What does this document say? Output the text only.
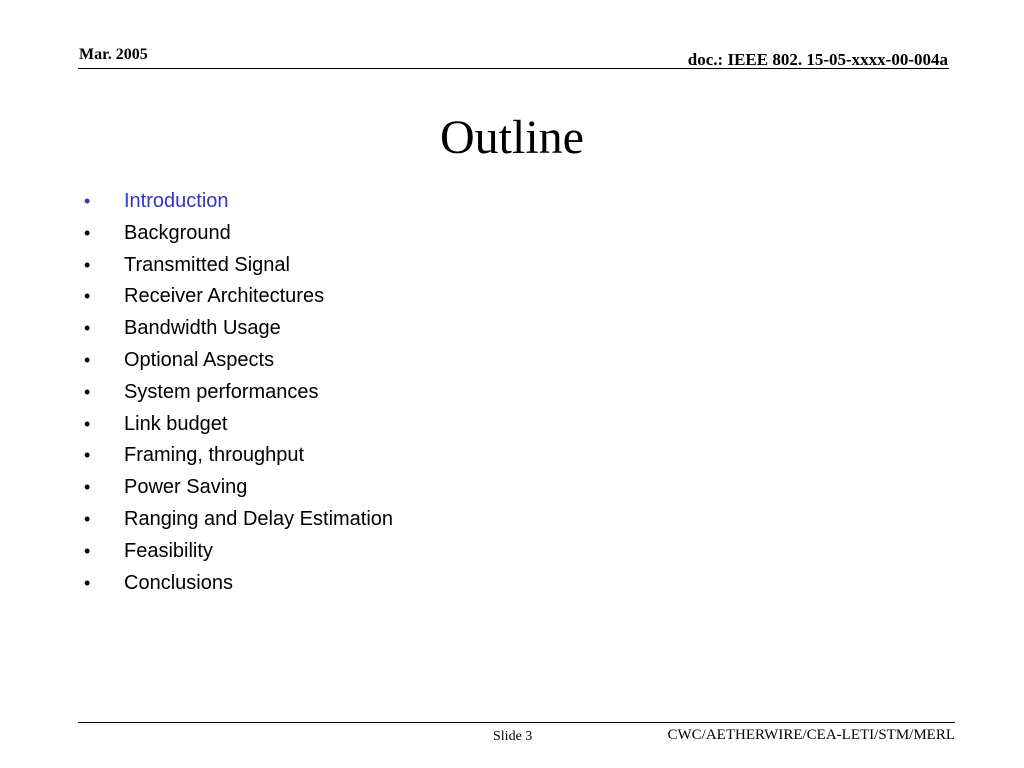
Mar. 2005	doc.: IEEE 802. 15-05-xxxx-00-004a
Outline
•	Introduction
•	Background
•	Transmitted Signal
•	Receiver Architectures
•	Bandwidth Usage
•	Optional Aspects
•	System performances
•	Link budget
•	Framing, throughput
•	Power Saving
•	Ranging and Delay Estimation
•	Feasibility
•	Conclusions
Slide 3	CWC/AETHERWIRE/CEA-LETI/STM/MERL
